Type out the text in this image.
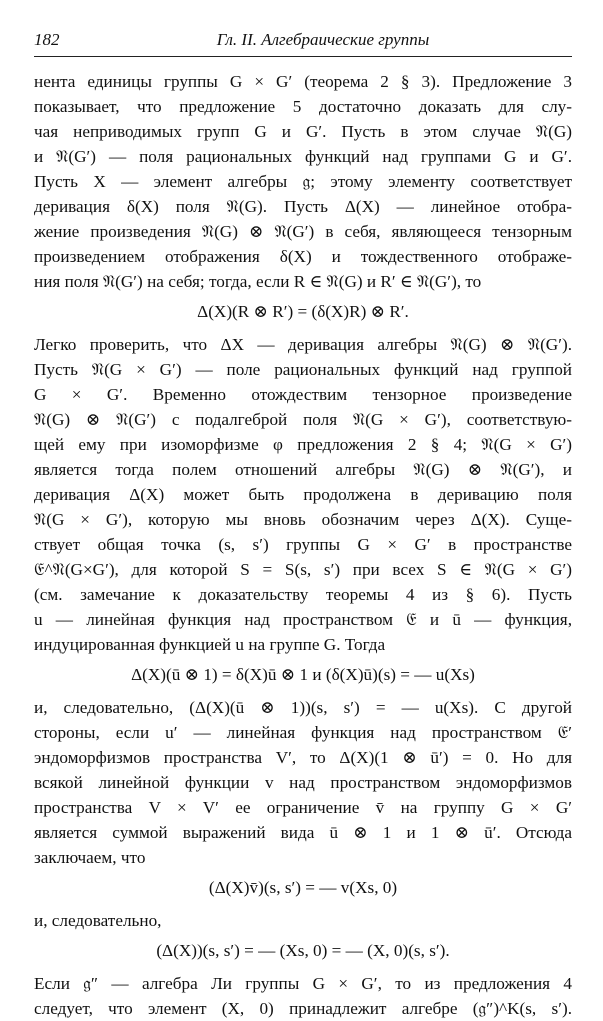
182	Гл. II. Алгебраические группы
нента единицы группы G × G′ (теорема 2 § 3). Предложение 3
показывает, что предложение 5 достаточно доказать для слу-
чая неприводимых групп G и G′. Пусть в этом случае 𝔑(G)
и 𝔑(G′) — поля рациональных функций над группами G и G′.
Пусть X — элемент алгебры 𝔤; этому элементу соответствует
деривация δ(X) поля 𝔑(G). Пусть Δ(X) — линейное отобра-
жение произведения 𝔑(G) ⊗ 𝔑(G′) в себя, являющееся тензорным
произведением отображения δ(X) и тождественного отображе-
ния поля 𝔑(G′) на себя; тогда, если R ∈ 𝔑(G) и R′ ∈ 𝔑(G′), то
Δ(X)(R ⊗ R′) = (δ(X)R) ⊗ R′.
Легко проверить, что ΔX — деривация алгебры 𝔑(G) ⊗ 𝔑(G′).
Пусть 𝔑(G × G′) — поле рациональных функций над группой
G × G′. Временно отождествим тензорное произведение
𝔑(G) ⊗ 𝔑(G′) с подалгеброй поля 𝔑(G × G′), соответствую-
щей ему при изоморфизме φ предложения 2 § 4; 𝔑(G × G′)
является тогда полем отношений алгебры 𝔑(G) ⊗ 𝔑(G′), и
деривация Δ(X) может быть продолжена в деривацию поля
𝔑(G × G′), которую мы вновь обозначим через Δ(X). Суще-
ствует общая точка (s, s′) группы G × G′ в пространстве
𝔈^𝔑(G×G′), для которой S = S(s, s′) при всех S ∈ 𝔑(G × G′)
(см. замечание к доказательству теоремы 4 из § 6). Пусть
u — линейная функция над пространством 𝔈 и ū — функция,
индуцированная функцией u на группе G. Тогда
Δ(X)(ū ⊗ 1) = δ(X)ū ⊗ 1 и (δ(X)ū)(s) = — u(Xs)
и, следовательно, (Δ(X)(ū ⊗ 1))(s, s′) = — u(Xs). С другой
стороны, если u′ — линейная функция над пространством 𝔈′
эндоморфизмов пространства V′, то Δ(X)(1 ⊗ ū′) = 0. Но для
всякой линейной функции v над пространством эндоморфизмов
пространства V × V′ ее ограничение v̄ на группу G × G′
является суммой выражений вида ū ⊗ 1 и 1 ⊗ ū′. Отсюда
заключаем, что
(Δ(X)v̄)(s, s′) = — v(Xs, 0)
и, следовательно,
(Δ(X))(s, s′) = — (Xs, 0) = — (X, 0)(s, s′).
Если 𝔤″ — алгебра Ли группы G × G′, то из предложения 4
следует, что элемент (X, 0) принадлежит алгебре (𝔤″)^K(s, s′).
